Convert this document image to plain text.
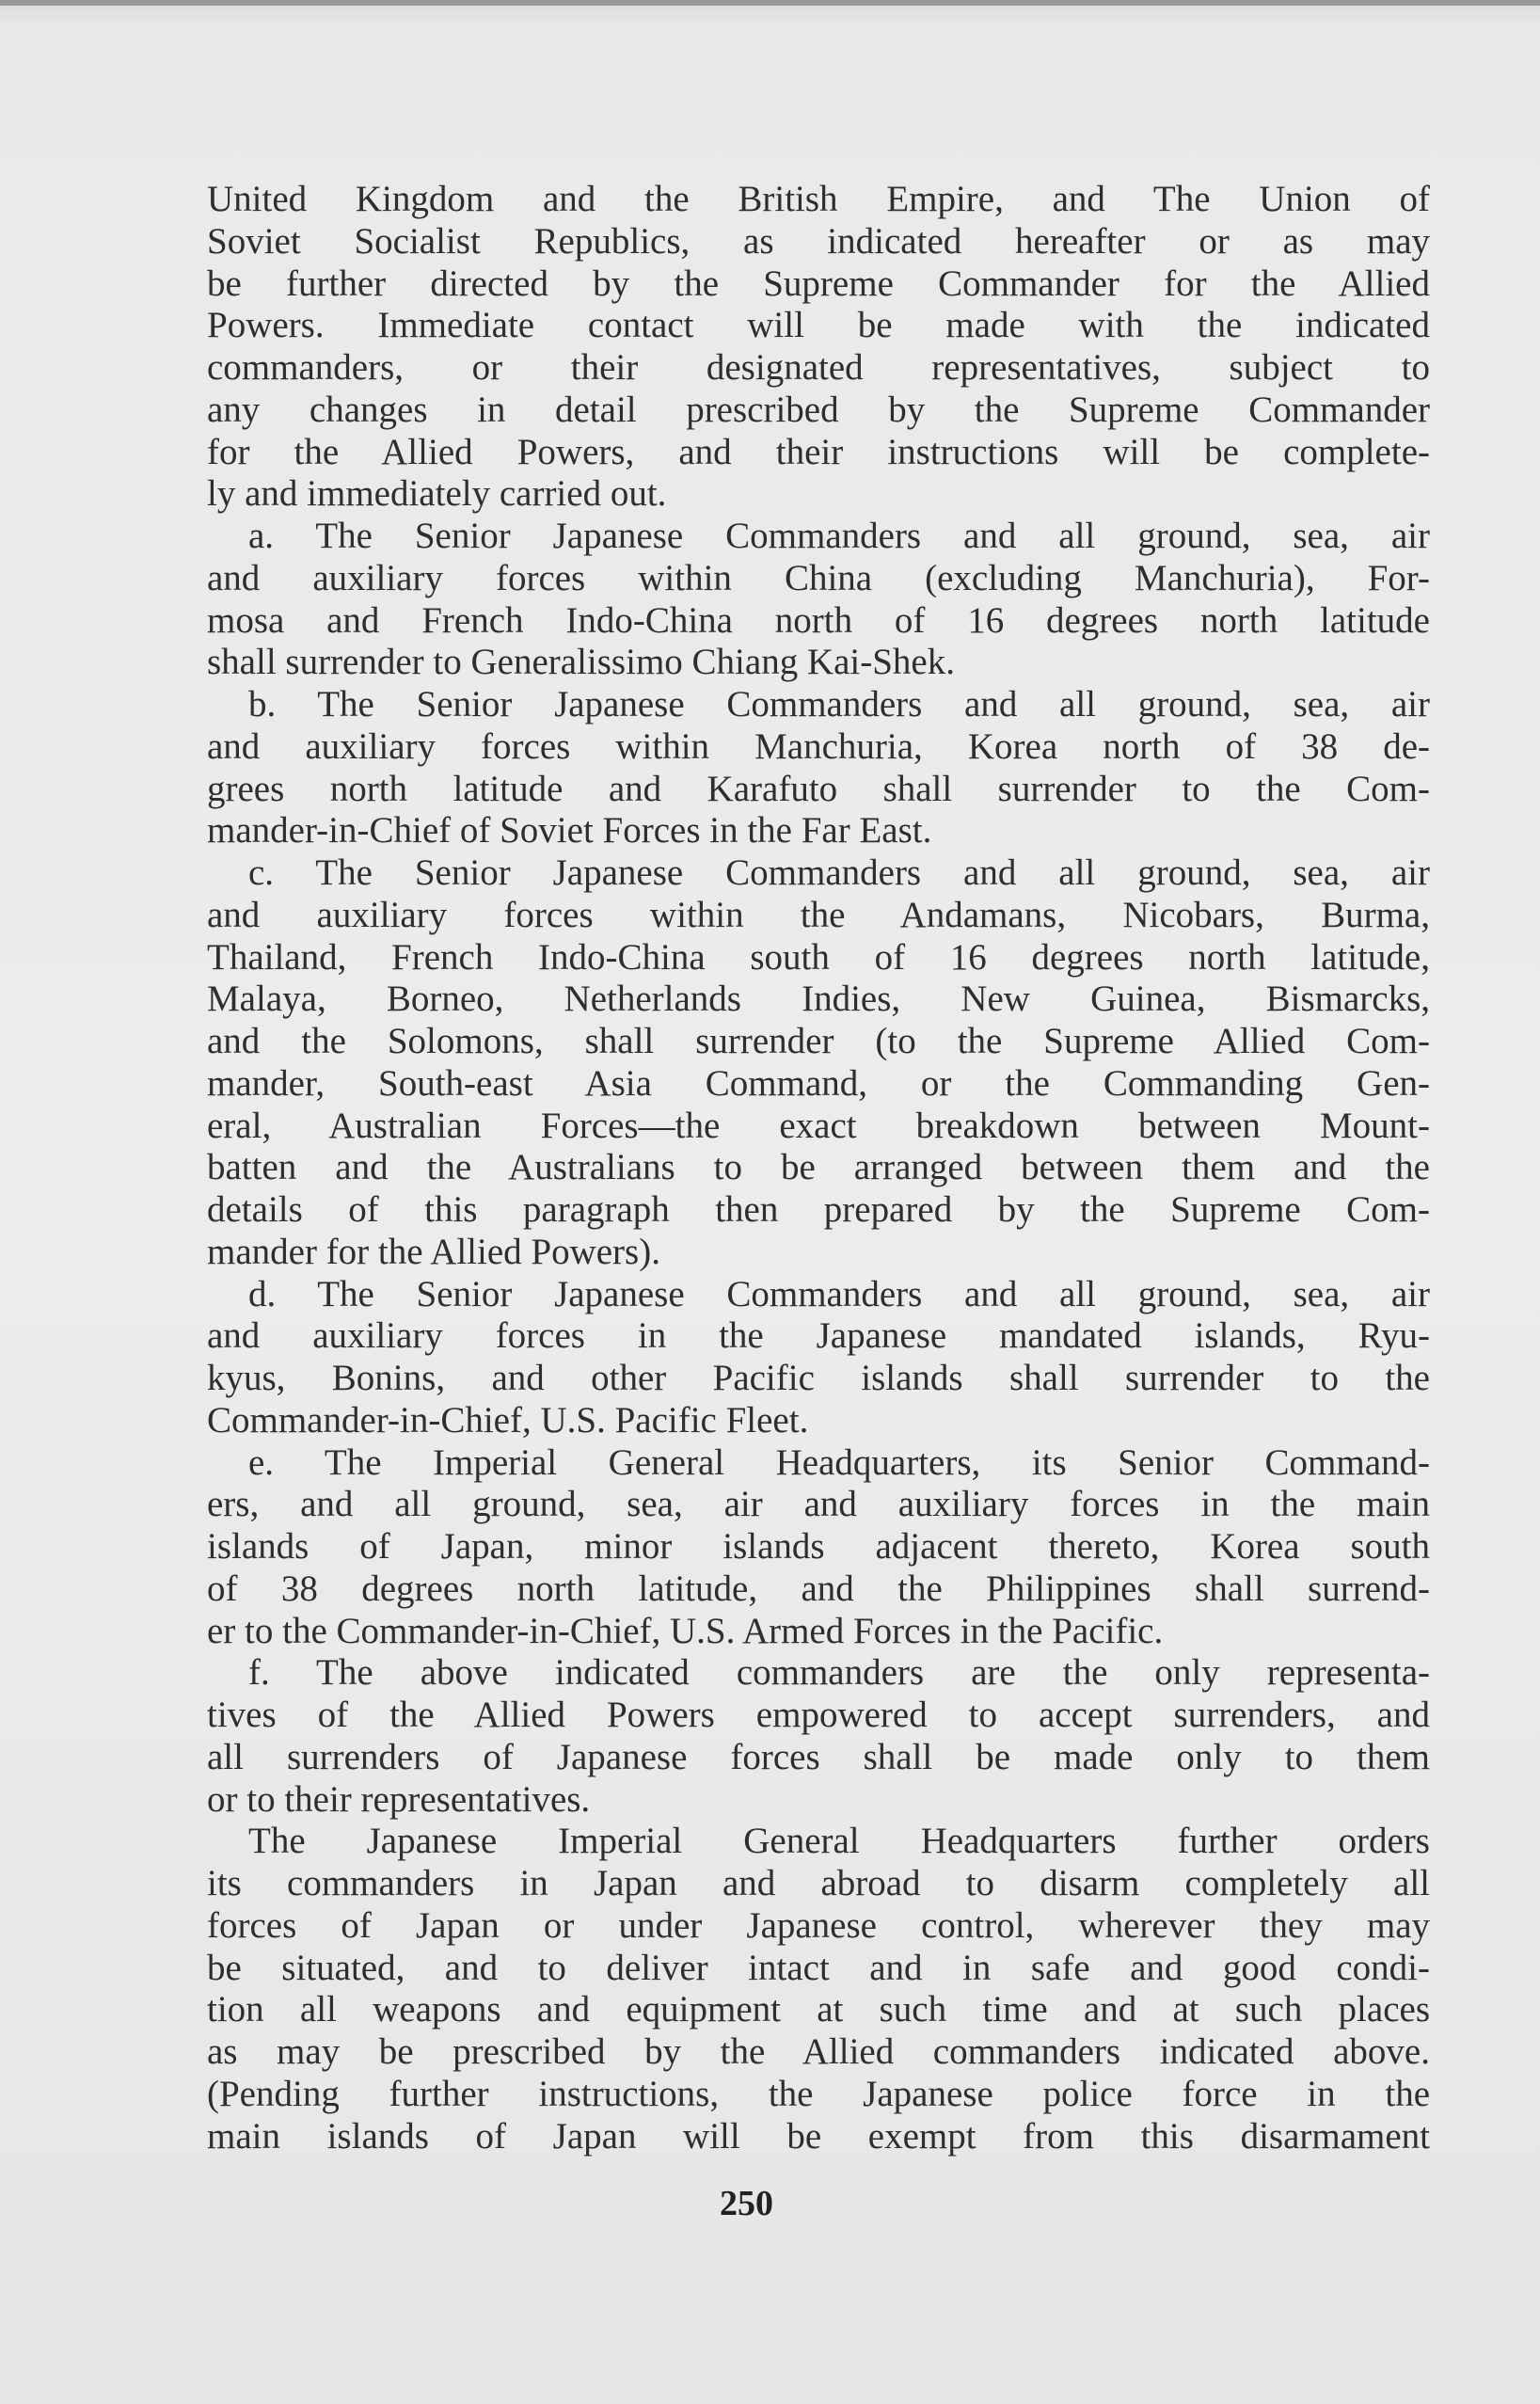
United Kingdom and the British Empire, and The Union of
Soviet Socialist Republics, as indicated hereafter or as may
be further directed by the Supreme Commander for the Allied
Powers. Immediate contact will be made with the indicated
commanders, or their designated representatives, subject to
any changes in detail prescribed by the Supreme Commander
for the Allied Powers, and their instructions will be complete-
ly and immediately carried out.
a. The Senior Japanese Commanders and all ground, sea, air
and auxiliary forces within China (excluding Manchuria), For-
mosa and French Indo-China north of 16 degrees north latitude
shall surrender to Generalissimo Chiang Kai-Shek.
b. The Senior Japanese Commanders and all ground, sea, air
and auxiliary forces within Manchuria, Korea north of 38 de-
grees north latitude and Karafuto shall surrender to the Com-
mander-in-Chief of Soviet Forces in the Far East.
c. The Senior Japanese Commanders and all ground, sea, air
and auxiliary forces within the Andamans, Nicobars, Burma,
Thailand, French Indo-China south of 16 degrees north latitude,
Malaya, Borneo, Netherlands Indies, New Guinea, Bismarcks,
and the Solomons, shall surrender (to the Supreme Allied Com-
mander, South-east Asia Command, or the Commanding Gen-
eral, Australian Forces—the exact breakdown between Mount-
batten and the Australians to be arranged between them and the
details of this paragraph then prepared by the Supreme Com-
mander for the Allied Powers).
d. The Senior Japanese Commanders and all ground, sea, air
and auxiliary forces in the Japanese mandated islands, Ryu-
kyus, Bonins, and other Pacific islands shall surrender to the
Commander-in-Chief, U.S. Pacific Fleet.
e. The Imperial General Headquarters, its Senior Command-
ers, and all ground, sea, air and auxiliary forces in the main
islands of Japan, minor islands adjacent thereto, Korea south
of 38 degrees north latitude, and the Philippines shall surrend-
er to the Commander-in-Chief, U.S. Armed Forces in the Pacific.
f. The above indicated commanders are the only representa-
tives of the Allied Powers empowered to accept surrenders, and
all surrenders of Japanese forces shall be made only to them
or to their representatives.
The Japanese Imperial General Headquarters further orders
its commanders in Japan and abroad to disarm completely all
forces of Japan or under Japanese control, wherever they may
be situated, and to deliver intact and in safe and good condi-
tion all weapons and equipment at such time and at such places
as may be prescribed by the Allied commanders indicated above.
(Pending further instructions, the Japanese police force in the
main islands of Japan will be exempt from this disarmament
250
